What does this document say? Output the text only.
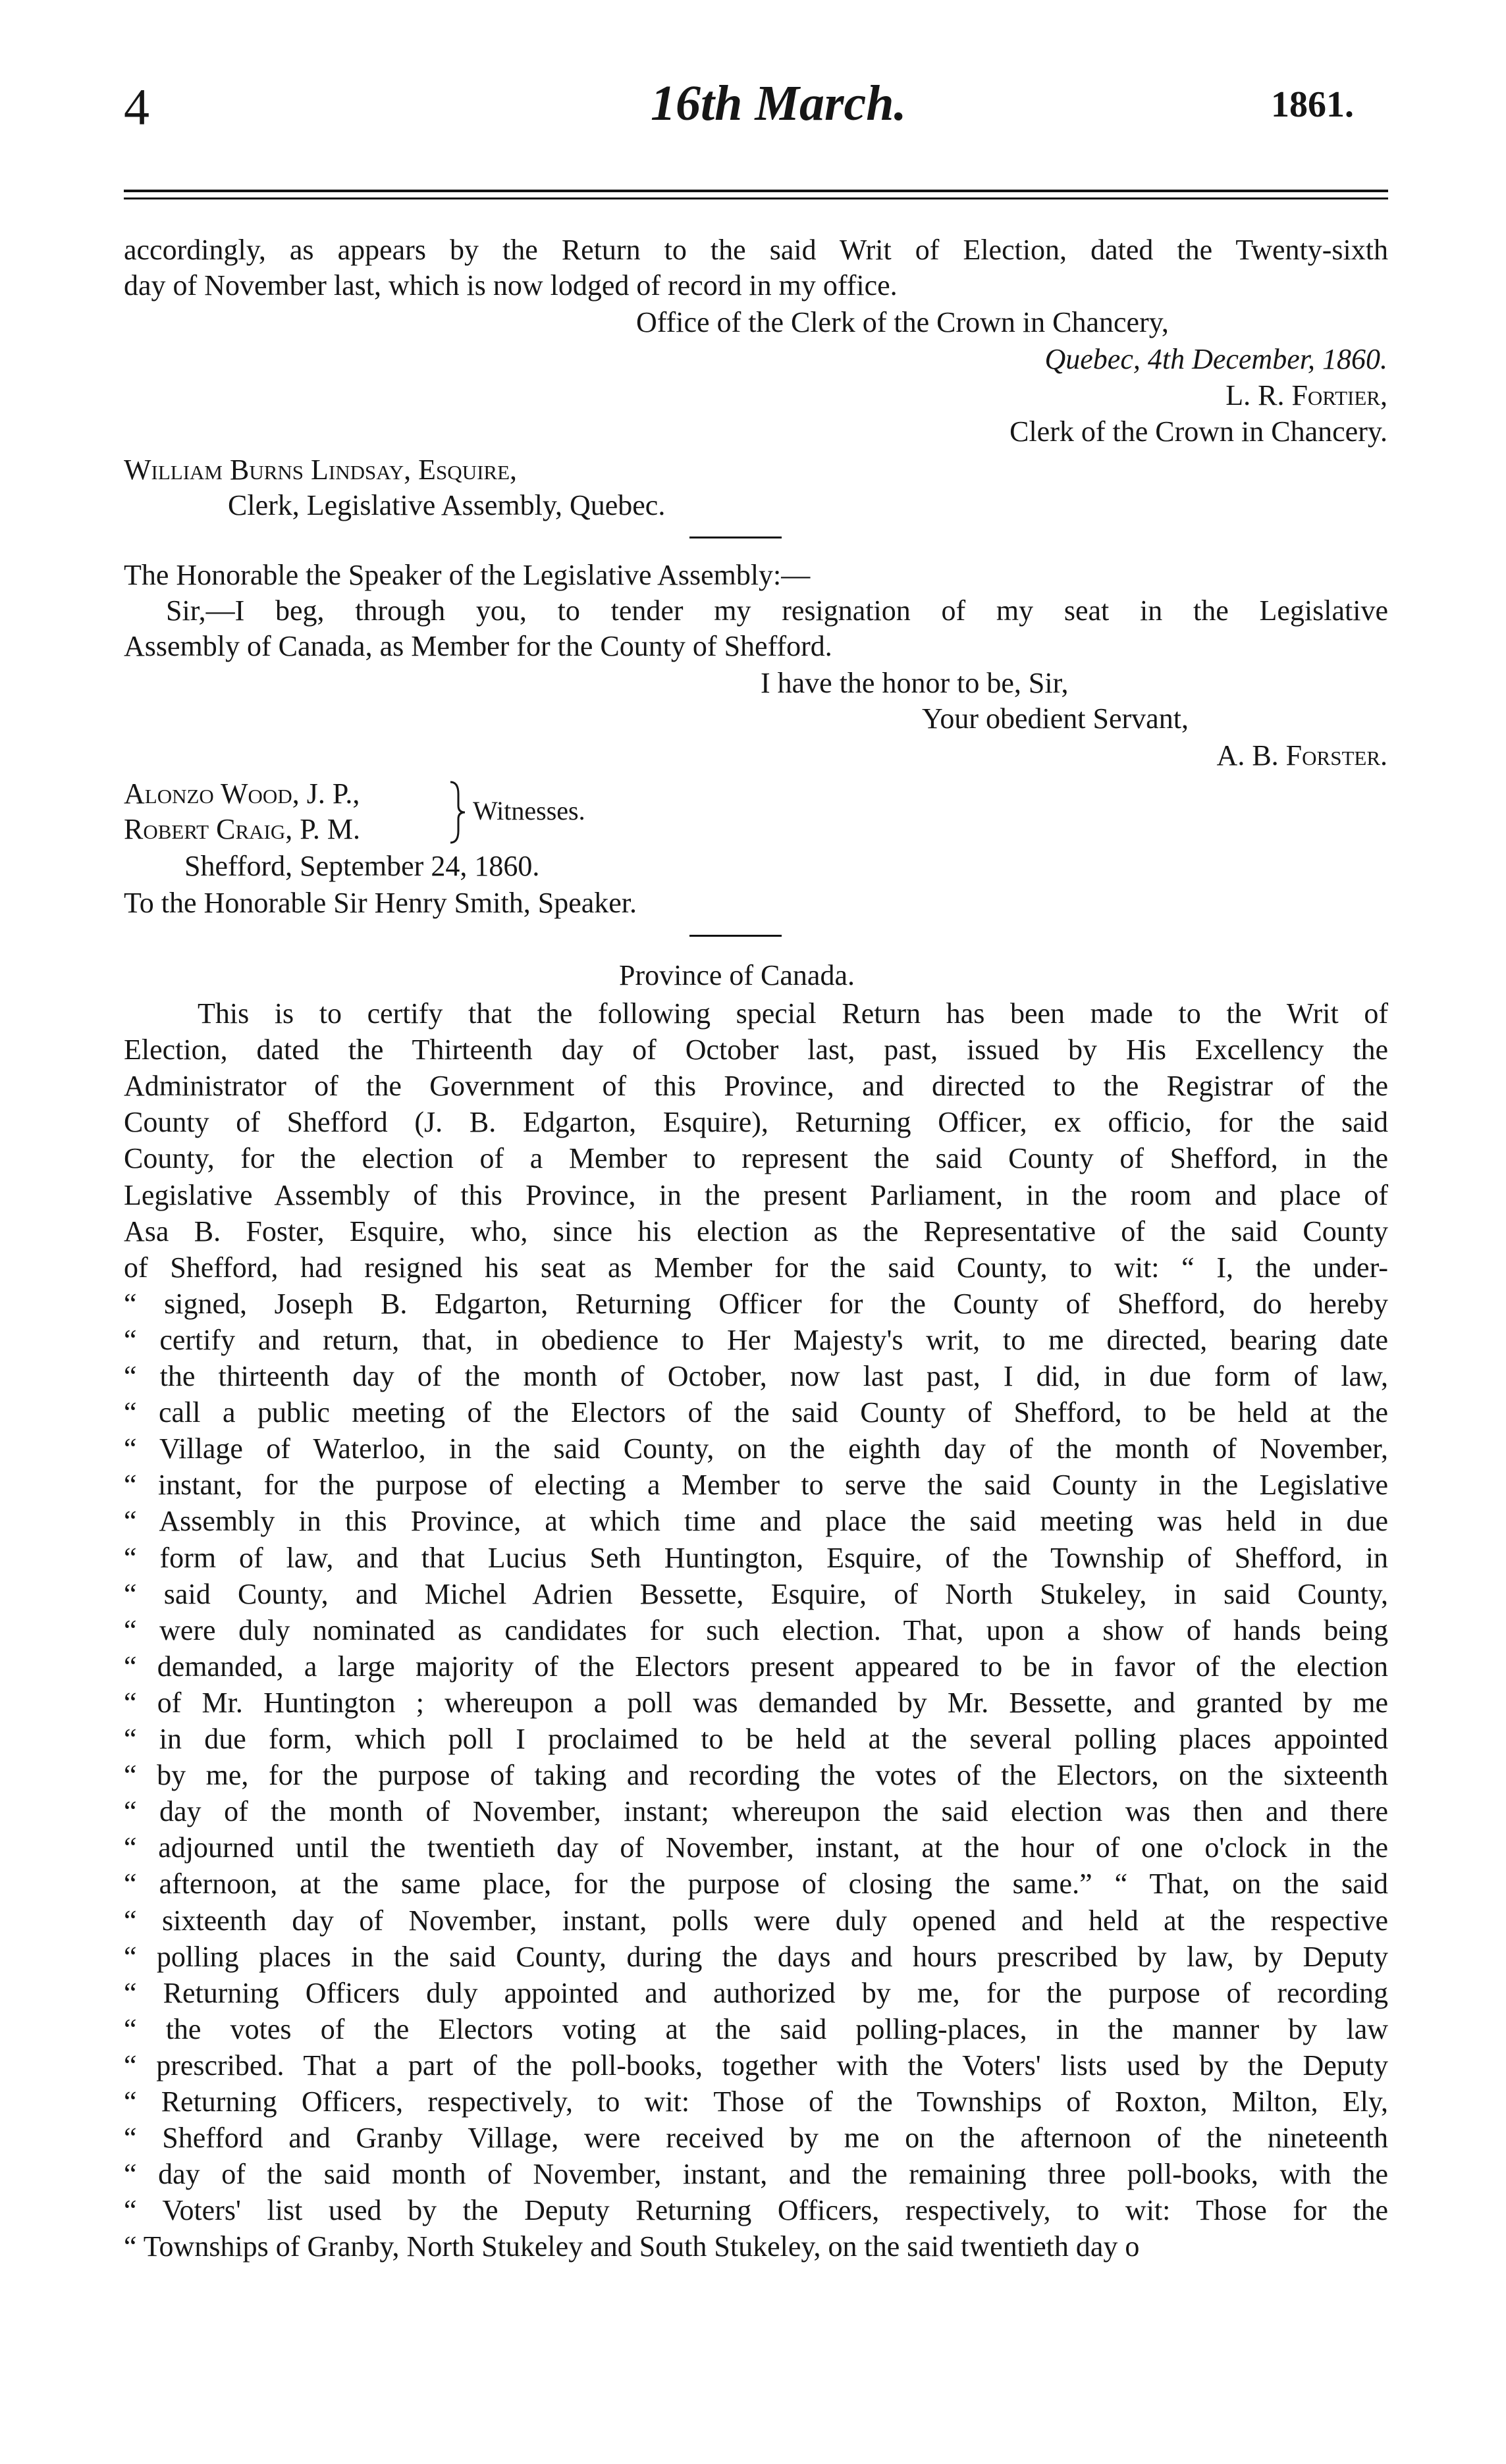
4	16th March.	1861.
accordingly, as appears by the Return to the said Writ of Election, dated the Twenty-sixth
day of November last, which is now lodged of record in my office.
Office of the Clerk of the Crown in Chancery,
Quebec, 4th December, 1860.
L. R. Fortier,
Clerk of the Crown in Chancery.
William Burns Lindsay, Esquire,
Clerk, Legislative Assembly, Quebec.
The Honorable the Speaker of the Legislative Assembly:—
Sir,—I beg, through you, to tender my resignation of my seat in the Legislative
Assembly of Canada, as Member for the County of Shefford.
I have the honor to be, Sir,
Your obedient Servant,
A. B. Forster.
Alonzo Wood, J. P.,
Robert Craig, P. M.
Witnesses.
Shefford, September 24, 1860.
To the Honorable Sir Henry Smith, Speaker.
Province of Canada.
This is to certify that the following special Return has been made to the Writ of
Election, dated the Thirteenth day of October last, past, issued by His Excellency the
Administrator of the Government of this Province, and directed to the Registrar of the
County of Shefford (J. B. Edgarton, Esquire), Returning Officer, ex officio, for the said
County, for the election of a Member to represent the said County of Shefford, in the
Legislative Assembly of this Province, in the present Parliament, in the room and place of
Asa B. Foster, Esquire, who, since his election as the Representative of the said County
of Shefford, had resigned his seat as Member for the said County, to wit: “ I, the under-
“ signed, Joseph B. Edgarton, Returning Officer for the County of Shefford, do hereby
“ certify and return, that, in obedience to Her Majesty's writ, to me directed, bearing date
“ the thirteenth day of the month of October, now last past, I did, in due form of law,
“ call a public meeting of the Electors of the said County of Shefford, to be held at the
“ Village of Waterloo, in the said County, on the eighth day of the month of November,
“ instant, for the purpose of electing a Member to serve the said County in the Legislative
“ Assembly in this Province, at which time and place the said meeting was held in due
“ form of law, and that Lucius Seth Huntington, Esquire, of the Township of Shefford, in
“ said County, and Michel Adrien Bessette, Esquire, of North Stukeley, in said County,
“ were duly nominated as candidates for such election. That, upon a show of hands being
“ demanded, a large majority of the Electors present appeared to be in favor of the election
“ of Mr. Huntington ; whereupon a poll was demanded by Mr. Bessette, and granted by me
“ in due form, which poll I proclaimed to be held at the several polling places appointed
“ by me, for the purpose of taking and recording the votes of the Electors, on the sixteenth
“ day of the month of November, instant; whereupon the said election was then and there
“ adjourned until the twentieth day of November, instant, at the hour of one o'clock in the
“ afternoon, at the same place, for the purpose of closing the same.” “ That, on the said
“ sixteenth day of November, instant, polls were duly opened and held at the respective
“ polling places in the said County, during the days and hours prescribed by law, by Deputy
“ Returning Officers duly appointed and authorized by me, for the purpose of recording
“ the votes of the Electors voting at the said polling-places, in the manner by law
“ prescribed. That a part of the poll-books, together with the Voters' lists used by the Deputy
“ Returning Officers, respectively, to wit: Those of the Townships of Roxton, Milton, Ely,
“ Shefford and Granby Village, were received by me on the afternoon of the nineteenth
“ day of the said month of November, instant, and the remaining three poll-books, with the
“ Voters' list used by the Deputy Returning Officers, respectively, to wit: Those for the
“ Townships of Granby, North Stukeley and South Stukeley, on the said twentieth day o
